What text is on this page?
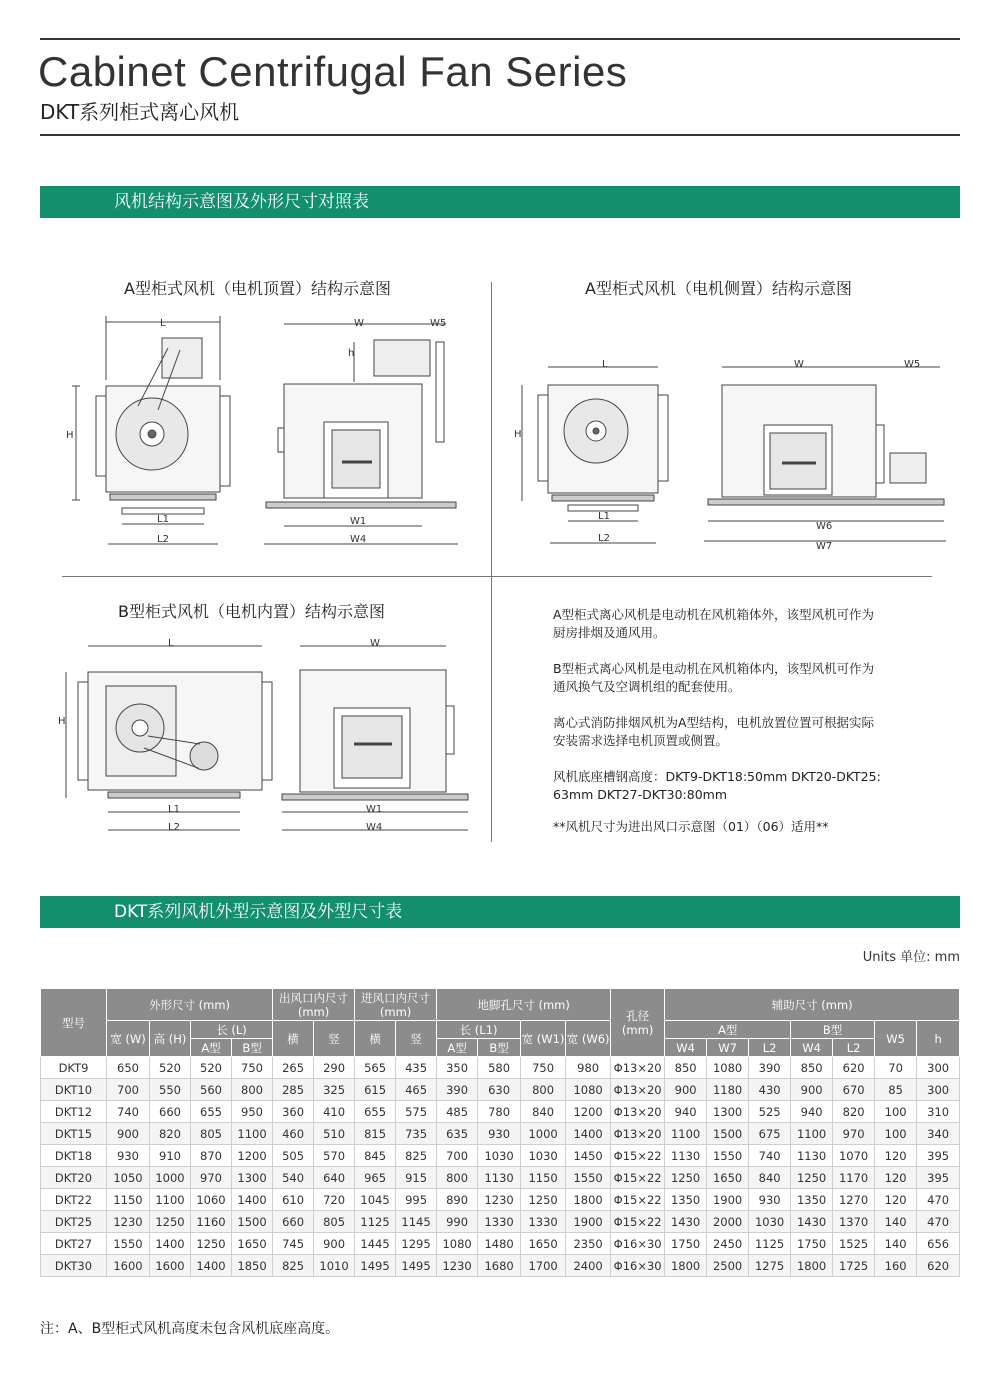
Cabinet Centrifugal Fan Series
DKT系列柜式离心风机
风机结构示意图及外形尺寸对照表
A型柜式风机（电机顶置）结构示意图	A型柜式风机（电机侧置）结构示意图
B型柜式风机（电机内置）结构示意图
L
H
L1
L2
W	W5
h
W1
W4
L
H
L1
L2
W	W5
W6
W7
L
H
L1
L2
W
W1
W4
A型柜式离心风机是电动机在风机箱体外，该型风机可作为厨房排烟及通风用。
B型柜式离心风机是电动机在风机箱体内，该型风机可作为通风换气及空调机组的配套使用。
离心式消防排烟风机为A型结构，电机放置位置可根据实际安装需求选择电机顶置或侧置。
风机底座槽钢高度：DKT9-DKT18:50mm DKT20-DKT25: 63mm DKT27-DKT30:80mm
**风机尺寸为进出风口示意图（01）（06）适用**
DKT系列风机外型示意图及外型尺寸表
Units 单位: mm
型号	外形尺寸 (mm)				出风口内尺寸 (mm)		进风口内尺寸 (mm)		地脚孔尺寸 (mm)				孔径 (mm)	辅助尺寸 (mm)						
	宽 (W)	高 (H)	长 (L)		横	竖	横	竖	长 (L1)		宽 (W1)	宽 (W6)		A型			B型		W5	h
			A型	B型					A型	B型				W4	W7	L2	W4	L2		
DKT9	650	520	520	750	265	290	565	435	350	580	750	980	Φ13×20	850	1080	390	850	620	70	300
DKT10	700	550	560	800	285	325	615	465	390	630	800	1080	Φ13×20	900	1180	430	900	670	85	300
DKT12	740	660	655	950	360	410	655	575	485	780	840	1200	Φ13×20	940	1300	525	940	820	100	310
DKT15	900	820	805	1100	460	510	815	735	635	930	1000	1400	Φ13×20	1100	1500	675	1100	970	100	340
DKT18	930	910	870	1200	505	570	845	825	700	1030	1030	1450	Φ15×22	1130	1550	740	1130	1070	120	395
DKT20	1050	1000	970	1300	540	640	965	915	800	1130	1150	1550	Φ15×22	1250	1650	840	1250	1170	120	395
DKT22	1150	1100	1060	1400	610	720	1045	995	890	1230	1250	1800	Φ15×22	1350	1900	930	1350	1270	120	470
DKT25	1230	1250	1160	1500	660	805	1125	1145	990	1330	1330	1900	Φ15×22	1430	2000	1030	1430	1370	140	470
DKT27	1550	1400	1250	1650	745	900	1445	1295	1080	1480	1650	2350	Φ16×30	1750	2450	1125	1750	1525	140	656
DKT30	1600	1600	1400	1850	825	1010	1495	1495	1230	1680	1700	2400	Φ16×30	1800	2500	1275	1800	1725	160	620
注：A、B型柜式风机高度未包含风机底座高度。
